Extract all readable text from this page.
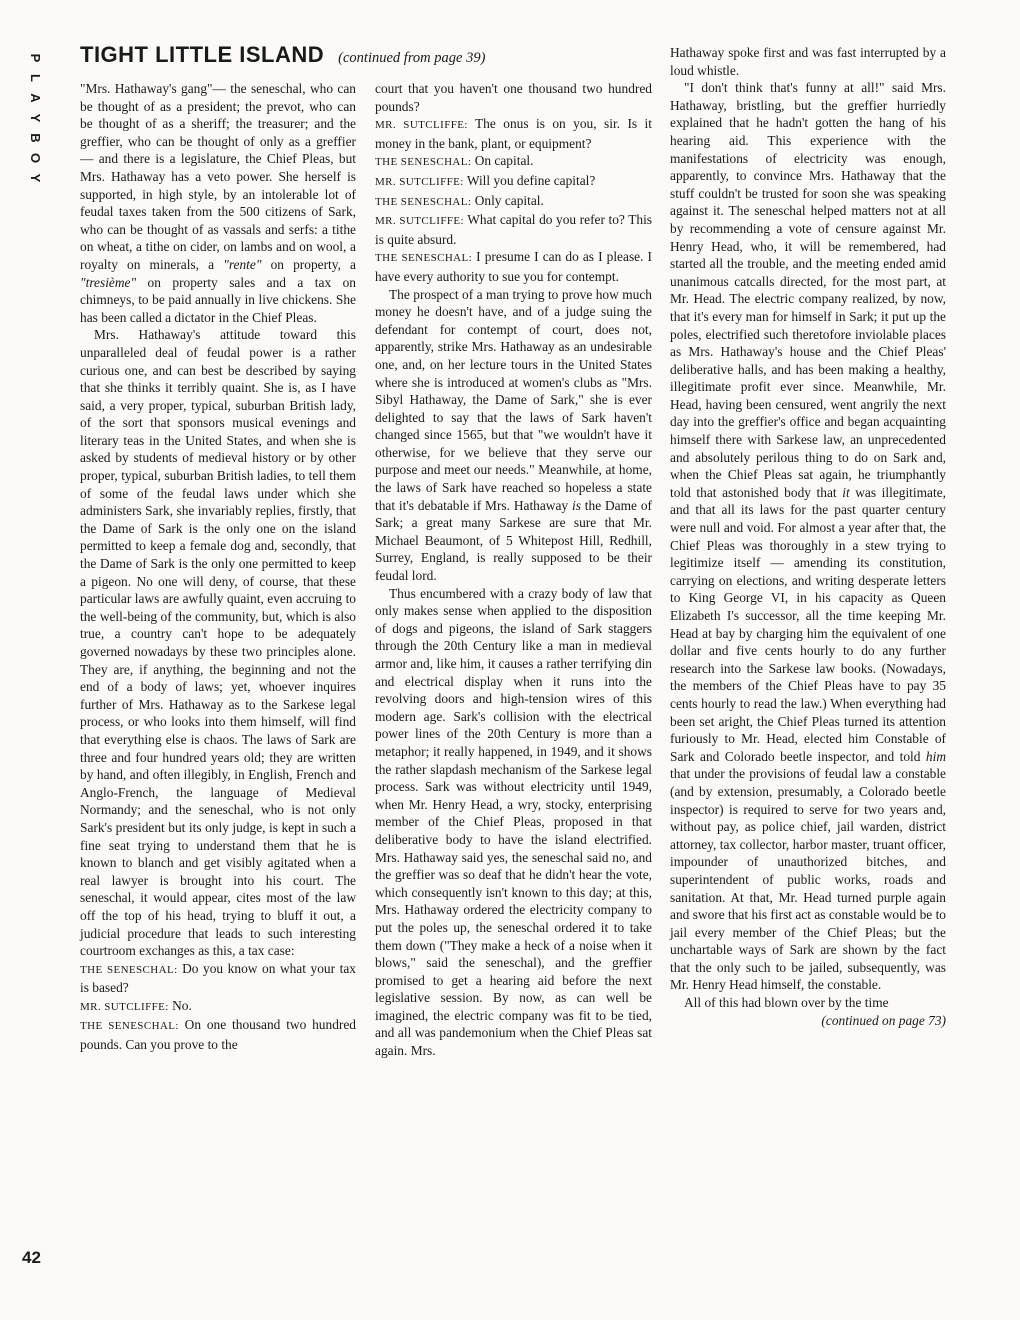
P
L
A
Y
B
O
Y
42
TIGHT LITTLE ISLAND (continued from page 39)

"Mrs. Hathaway's gang"— the seneschal, who can be thought of as a president; the prevot, who can be thought of as a sheriff; the treasurer; and the greffier, who can be thought of only as a greffier — and there is a legislature, the Chief Pleas, but Mrs. Hathaway has a veto power. She herself is supported, in high style, by an intolerable lot of feudal taxes taken from the 500 citizens of Sark, who can be thought of as vassals and serfs: a tithe on wheat, a tithe on cider, on lambs and on wool, a royalty on minerals, a "rente" on property, a "tresième" on property sales and a tax on chimneys, to be paid annually in live chickens. She has been called a dictator in the Chief Pleas.

Mrs. Hathaway's attitude toward this unparalleled deal of feudal power is a rather curious one, and can best be described by saying that she thinks it terribly quaint. She is, as I have said, a very proper, typical, suburban British lady, of the sort that sponsors musical evenings and literary teas in the United States, and when she is asked by students of medieval history or by other proper, typical, suburban British ladies, to tell them of some of the feudal laws under which she administers Sark, she invariably replies, firstly, that the Dame of Sark is the only one on the island permitted to keep a female dog and, secondly, that the Dame of Sark is the only one permitted to keep a pigeon. No one will deny, of course, that these particular laws are awfully quaint, even accruing to the well-being of the community, but, which is also true, a country can't hope to be adequately governed nowadays by these two principles alone. They are, if anything, the beginning and not the end of a body of laws; yet, whoever inquires further of Mrs. Hathaway as to the Sarkese legal process, or who looks into them himself, will find that everything else is chaos. The laws of Sark are three and four hundred years old; they are written by hand, and often illegibly, in English, French and Anglo-French, the language of Medieval Normandy; and the seneschal, who is not only Sark's president but its only judge, is kept in such a fine seat trying to understand them that he is known to blanch and get visibly agitated when a real lawyer is brought into his court. The seneschal, it would appear, cites most of the law off the top of his head, trying to bluff it out, a judicial procedure that leads to such interesting courtroom exchanges as this, a tax case:

THE SENESCHAL: Do you know on what your tax is based?

MR. SUTCLIFFE: No.

THE SENESCHAL: On one thousand two hundred pounds. Can you prove to the

court that you haven't one thousand two hundred pounds?

MR. SUTCLIFFE: The onus is on you, sir. Is it money in the bank, plant, or equipment?

THE SENESCHAL: On capital.

MR. SUTCLIFFE: Will you define capital?

THE SENESCHAL: Only capital.

MR. SUTCLIFFE: What capital do you refer to? This is quite absurd.

THE SENESCHAL: I presume I can do as I please. I have every authority to sue you for contempt.

The prospect of a man trying to prove how much money he doesn't have, and of a judge suing the defendant for contempt of court, does not, apparently, strike Mrs. Hathaway as an undesirable one, and, on her lecture tours in the United States where she is introduced at women's clubs as "Mrs. Sibyl Hathaway, the Dame of Sark," she is ever delighted to say that the laws of Sark haven't changed since 1565, but that "we wouldn't have it otherwise, for we believe that they serve our purpose and meet our needs." Meanwhile, at home, the laws of Sark have reached so hopeless a state that it's debatable if Mrs. Hathaway is the Dame of Sark; a great many Sarkese are sure that Mr. Michael Beaumont, of 5 Whitepost Hill, Redhill, Surrey, England, is really supposed to be their feudal lord.

Thus encumbered with a crazy body of law that only makes sense when applied to the disposition of dogs and pigeons, the island of Sark staggers through the 20th Century like a man in medieval armor and, like him, it causes a rather terrifying din and electrical display when it runs into the revolving doors and high-tension wires of this modern age. Sark's collision with the electrical power lines of the 20th Century is more than a metaphor; it really happened, in 1949, and it shows the rather slapdash mechanism of the Sarkese legal process. Sark was without electricity until 1949, when Mr. Henry Head, a wry, stocky, enterprising member of the Chief Pleas, proposed in that deliberative body to have the island electrified. Mrs. Hathaway said yes, the seneschal said no, and the greffier was so deaf that he didn't hear the vote, which consequently isn't known to this day; at this, Mrs. Hathaway ordered the electricity company to put the poles up, the seneschal ordered it to take them down ("They make a heck of a noise when it blows," said the seneschal), and the greffier promised to get a hearing aid before the next legislative session. By now, as can well be imagined, the electric company was fit to be tied, and all was pandemonium when the Chief Pleas sat again. Mrs.

Hathaway spoke first and was fast interrupted by a loud whistle.

"I don't think that's funny at all!" said Mrs. Hathaway, bristling, but the greffier hurriedly explained that he hadn't gotten the hang of his hearing aid. This experience with the manifestations of electricity was enough, apparently, to convince Mrs. Hathaway that the stuff couldn't be trusted for soon she was speaking against it. The seneschal helped matters not at all by recommending a vote of censure against Mr. Henry Head, who, it will be remembered, had started all the trouble, and the meeting ended amid unanimous catcalls directed, for the most part, at Mr. Head. The electric company realized, by now, that it's every man for himself in Sark; it put up the poles, electrified such theretofore inviolable places as Mrs. Hathaway's house and the Chief Pleas' deliberative halls, and has been making a healthy, illegitimate profit ever since. Meanwhile, Mr. Head, having been censured, went angrily the next day into the greffier's office and began acquainting himself there with Sarkese law, an unprecedented and absolutely perilous thing to do on Sark and, when the Chief Pleas sat again, he triumphantly told that astonished body that it was illegitimate, and that all its laws for the past quarter century were null and void. For almost a year after that, the Chief Pleas was thoroughly in a stew trying to legitimize itself — amending its constitution, carrying on elections, and writing desperate letters to King George VI, in his capacity as Queen Elizabeth I's successor, all the time keeping Mr. Head at bay by charging him the equivalent of one dollar and five cents hourly to do any further research into the Sarkese law books. (Nowadays, the members of the Chief Pleas have to pay 35 cents hourly to read the law.) When everything had been set aright, the Chief Pleas turned its attention furiously to Mr. Head, elected him Constable of Sark and Colorado beetle inspector, and told him that under the provisions of feudal law a constable (and by extension, presumably, a Colorado beetle inspector) is required to serve for two years and, without pay, as police chief, jail warden, district attorney, tax collector, harbor master, truant officer, impounder of unauthorized bitches, and superintendent of public works, roads and sanitation. At that, Mr. Head turned purple again and swore that his first act as constable would be to jail every member of the Chief Pleas; but the unchartable ways of Sark are shown by the fact that the only such to be jailed, subsequently, was Mr. Henry Head himself, the constable.

All of this had blown over by the time

(continued on page 73)
